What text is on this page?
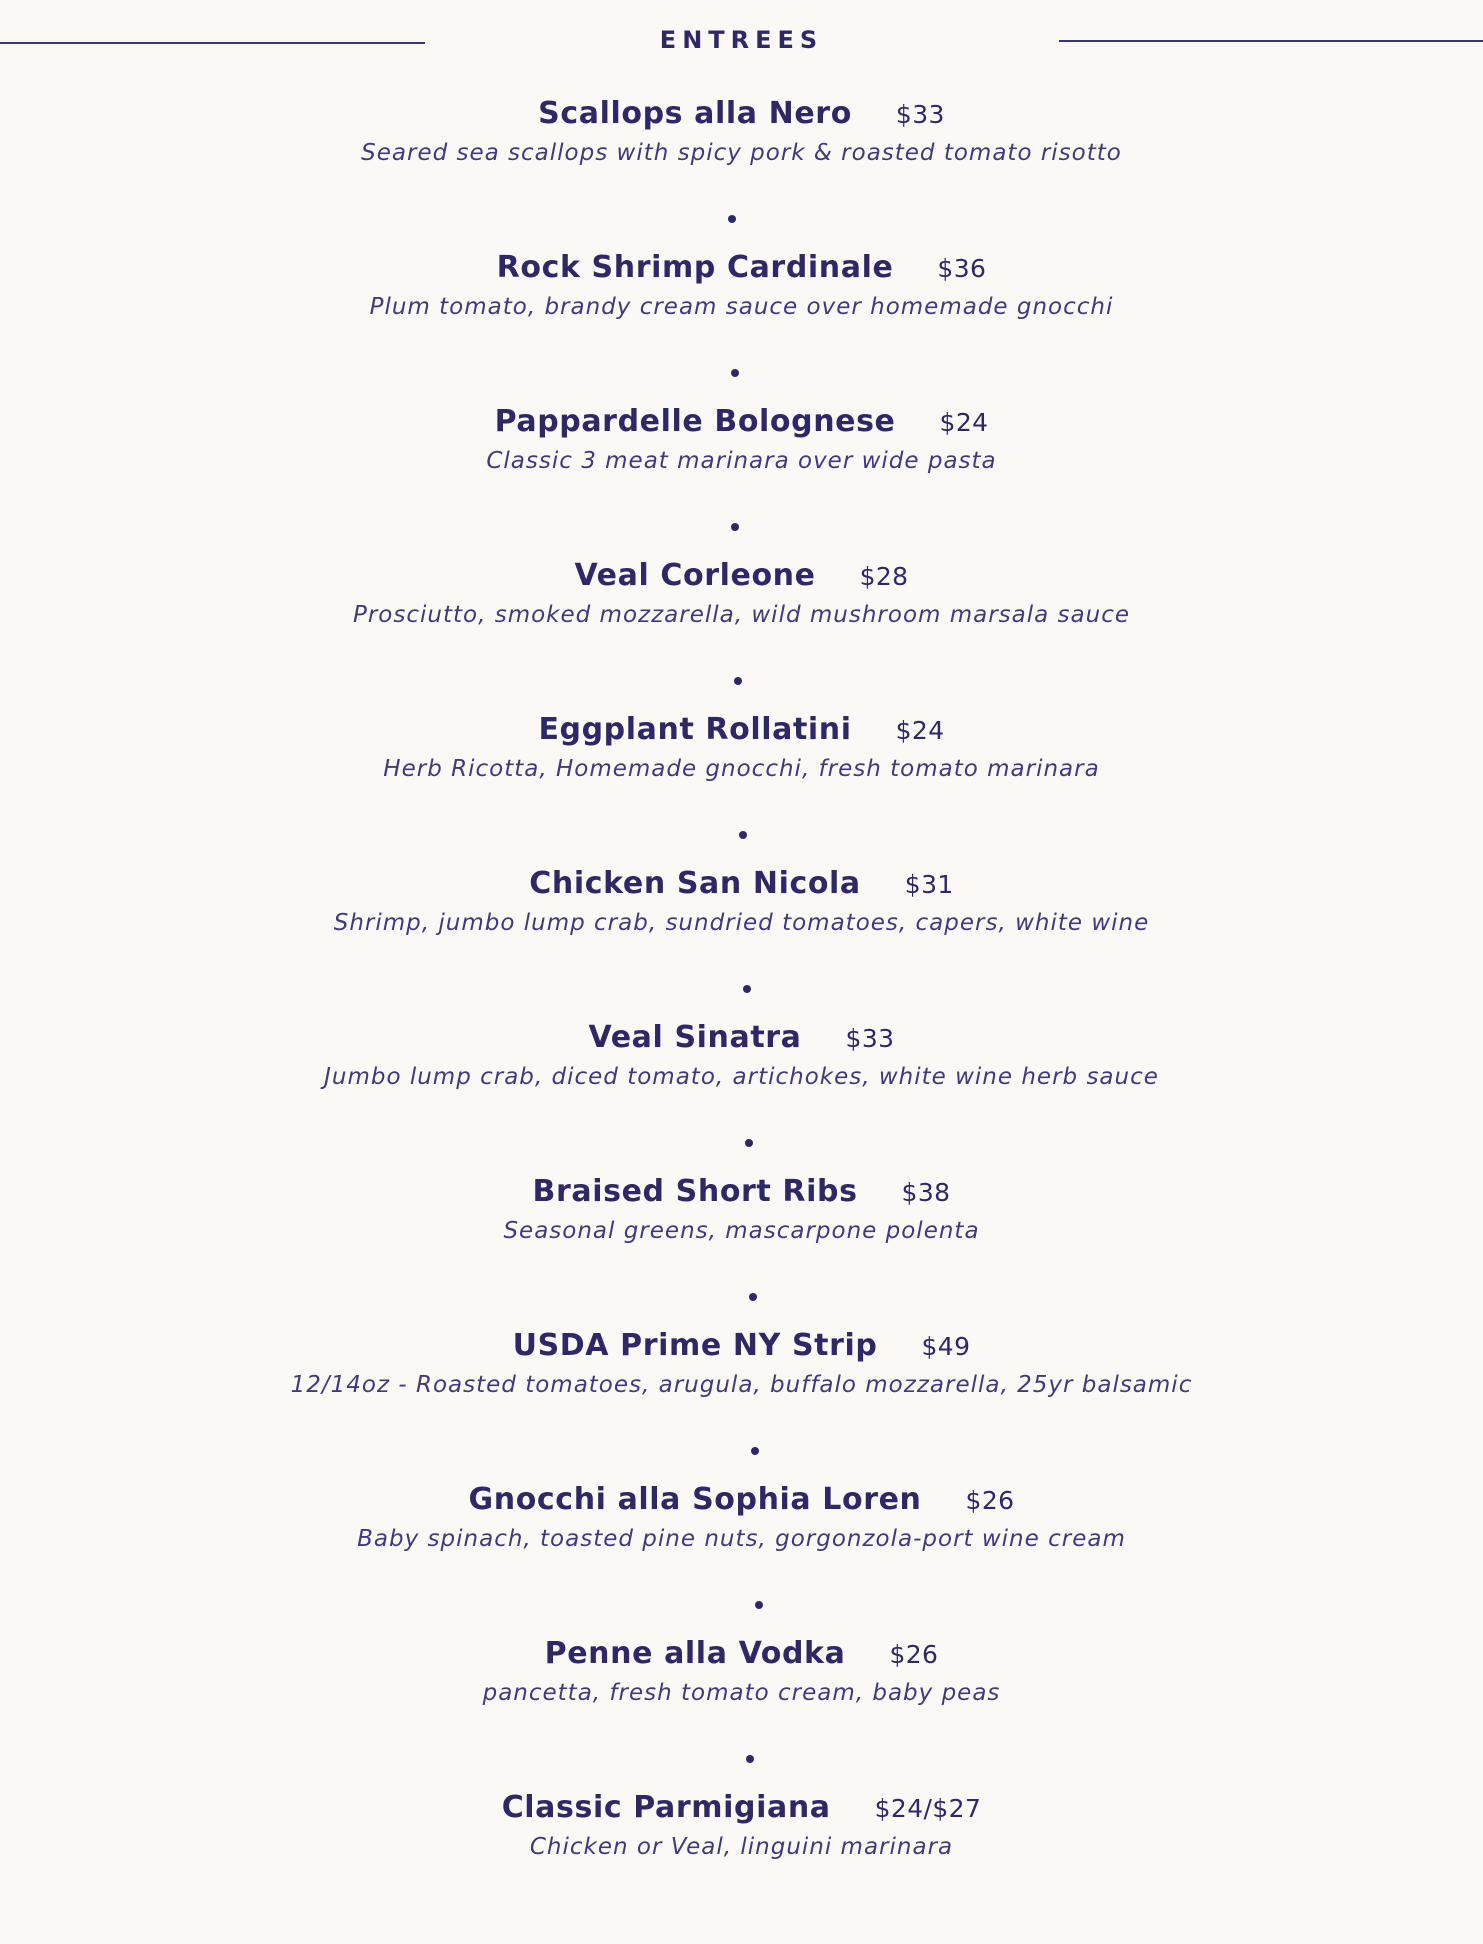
ENTREES
Scallops alla Nero $33
Seared sea scallops with spicy pork & roasted tomato risotto
Rock Shrimp Cardinale $36
Plum tomato, brandy cream sauce over homemade gnocchi
Pappardelle Bolognese $24
Classic 3 meat marinara over wide pasta
Veal Corleone $28
Prosciutto, smoked mozzarella, wild mushroom marsala sauce
Eggplant Rollatini $24
Herb Ricotta, Homemade gnocchi, fresh tomato marinara
Chicken San Nicola $31
Shrimp, jumbo lump crab, sundried tomatoes, capers, white wine
Veal Sinatra $33
Jumbo lump crab, diced tomato, artichokes, white wine herb sauce
Braised Short Ribs $38
Seasonal greens, mascarpone polenta
USDA Prime NY Strip $49
12/14oz - Roasted tomatoes, arugula, buffalo mozzarella, 25yr balsamic
Gnocchi alla Sophia Loren $26
Baby spinach, toasted pine nuts, gorgonzola-port wine cream
Penne alla Vodka $26
pancetta, fresh tomato cream, baby peas
Classic Parmigiana $24/$27
Chicken or Veal, linguini marinara
